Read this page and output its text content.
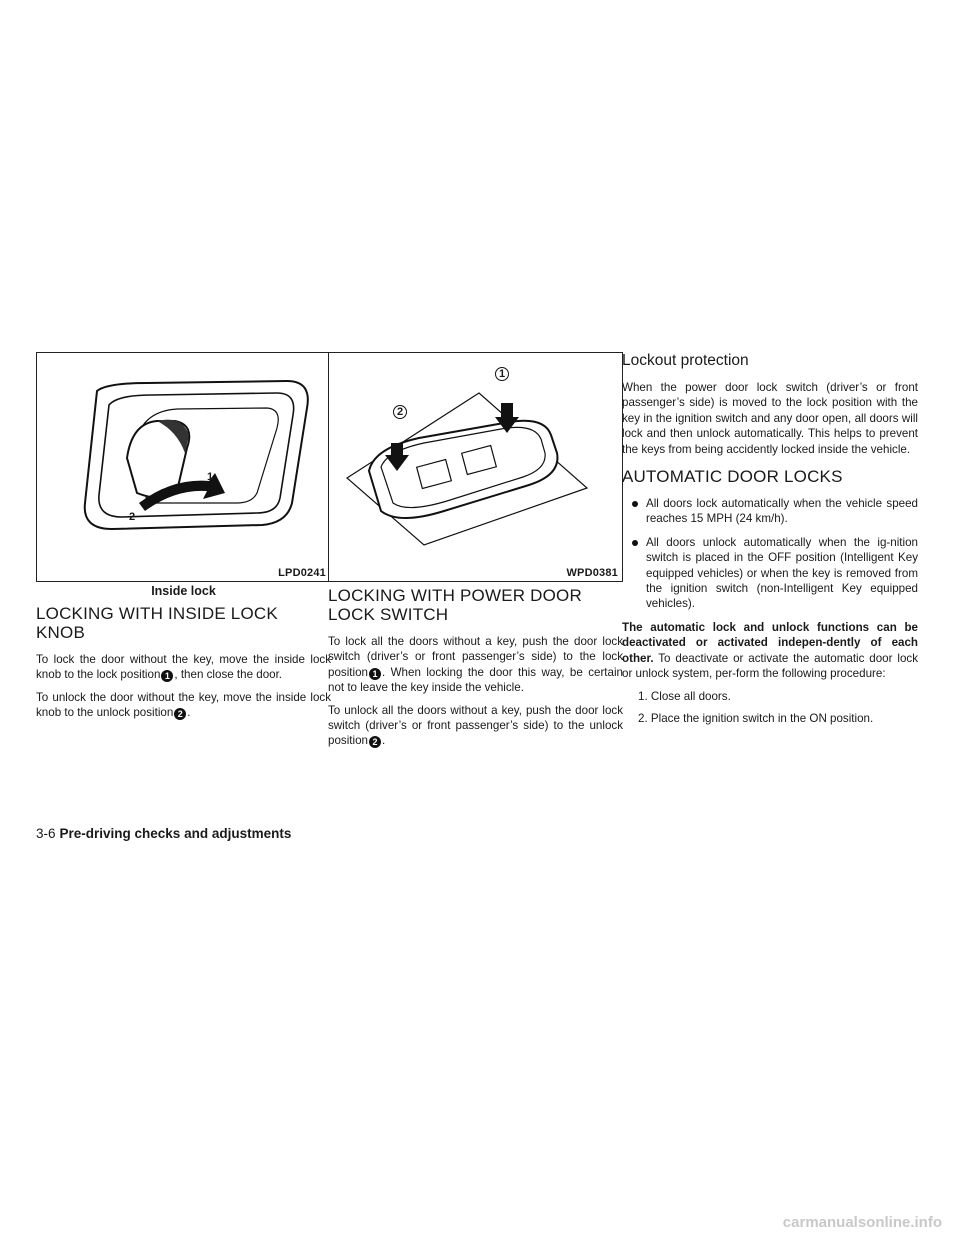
1
2
LPD0241
Inside lock
LOCKING WITH INSIDE LOCK KNOB

To lock the door without the key, move the inside lock knob to the lock position 1 , then close the door.

To unlock the door without the key, move the inside lock knob to the unlock position 2 .

1
2
WPD0381
LOCKING WITH POWER DOOR LOCK SWITCH

To lock all the doors without a key, push the door lock switch (driver’s or front passenger’s side) to the lock position 1 . When locking the door this way, be certain not to leave the key inside the vehicle.

To unlock all the doors without a key, push the door lock switch (driver’s or front passenger’s side) to the unlock position 2 .

Lockout protection

When the power door lock switch (driver’s or front passenger’s side) is moved to the lock position with the key in the ignition switch and any door open, all doors will lock and then unlock automatically. This helps to prevent the keys from being accidently locked inside the vehicle.

AUTOMATIC DOOR LOCKS
All doors lock automatically when the vehicle speed reaches 15 MPH (24 km/h).
All doors unlock automatically when the ig-nition switch is placed in the OFF position (Intelligent Key equipped vehicles) or when the key is removed from the ignition switch (non-Intelligent Key equipped vehicles).

The automatic lock and unlock functions can be deactivated or activated indepen-dently of each other. To deactivate or activate the automatic door lock or unlock system, per-form the following procedure:

1. Close all doors.
2. Place the ignition switch in the ON position.
3-6 Pre-driving checks and adjustments
carmanualsonline.info
